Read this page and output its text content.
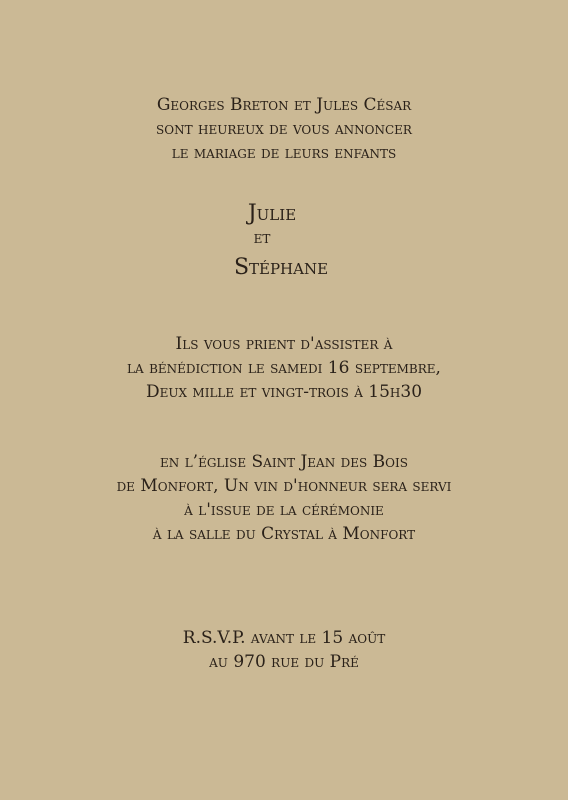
Georges Breton et Jules César
sont heureux de vous annoncer
le mariage de leurs enfants
Julie
et
Stéphane
Ils vous prient d'assister à
la bénédiction le samedi 16 septembre,
Deux mille et vingt-trois à 15h30
en l’église Saint Jean des Bois
de Monfort, Un vin d'honneur sera servi
à l'issue de la cérémonie
à la salle du Crystal à Monfort
R.S.V.P. avant le 15 août
au 970 rue du Pré
